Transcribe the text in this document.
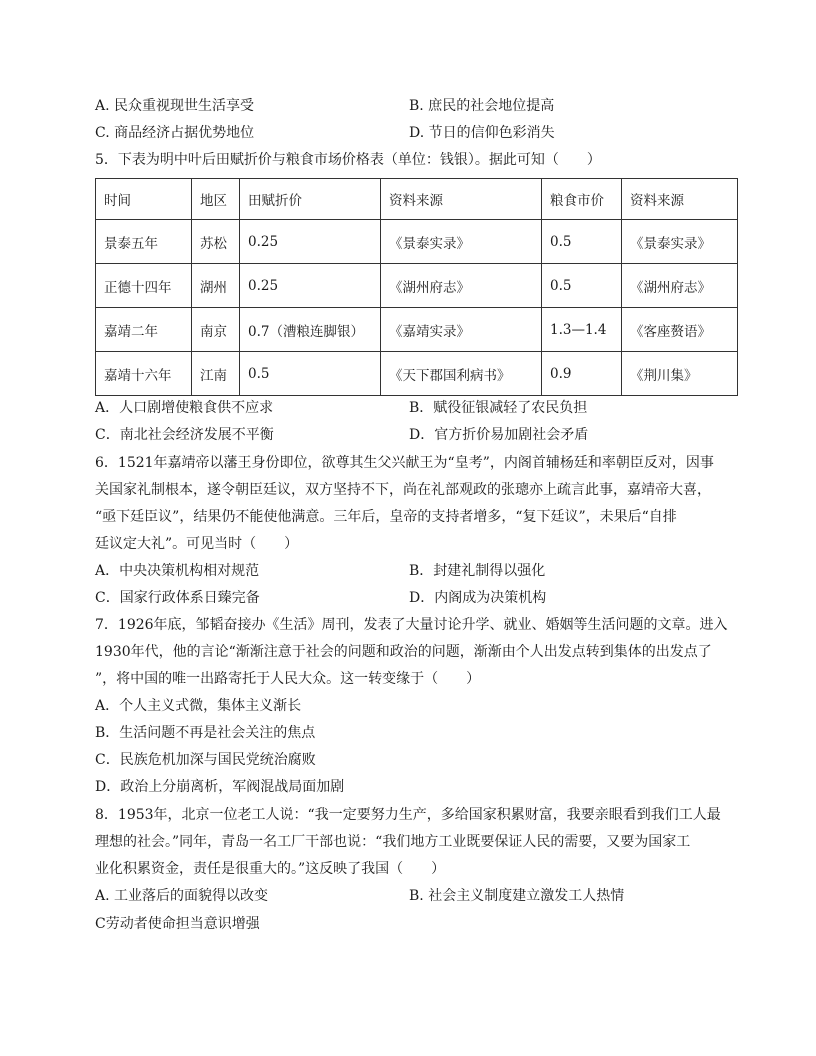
A. 民众重视现世生活享受	B. 庶民的社会地位提高
C. 商品经济占据优势地位	D. 节日的信仰色彩消失
5．下表为明中叶后田赋折价与粮食市场价格表（单位：钱银）。据此可知（　　）
时间	地区	田赋折价	资料来源	粮食市价	资料来源
景泰五年	苏松	0.25	《景泰实录》	0.5	《景泰实录》
正德十四年	湖州	0.25	《湖州府志》	0.5	《湖州府志》
嘉靖二年	南京	0.7（漕粮连脚银）	《嘉靖实录》	1.3—1.4	《客座赘语》
嘉靖十六年	江南	0.5	《天下郡国利病书》	0.9	《荆川集》
A．人口剧增使粮食供不应求	B．赋役征银减轻了农民负担
C．南北社会经济发展不平衡	D．官方折价易加剧社会矛盾
6．1521年嘉靖帝以藩王身份即位，欲尊其生父兴献王为“皇考”，内阁首辅杨廷和率朝臣反对，因事
关国家礼制根本，遂令朝臣廷议，双方坚持不下，尚在礼部观政的张璁亦上疏言此事，嘉靖帝大喜，
“亟下廷臣议”，结果仍不能使他满意。三年后，皇帝的支持者增多，“复下廷议”，未果后“自排
廷议定大礼”。可见当时（　　）
A．中央决策机构相对规范	B．封建礼制得以强化
C．国家行政体系日臻完备	D．内阁成为决策机构
7．1926年底，邹韬奋接办《生活》周刊，发表了大量讨论升学、就业、婚姻等生活问题的文章。进入
1930年代，他的言论“渐渐注意于社会的问题和政治的问题，渐渐由个人出发点转到集体的出发点了
”，将中国的唯一出路寄托于人民大众。这一转变缘于（　　）
A．个人主义式微，集体主义渐长
B．生活问题不再是社会关注的焦点
C．民族危机加深与国民党统治腐败
D．政治上分崩离析，军阀混战局面加剧
8．1953年，北京一位老工人说：“我一定要努力生产，多给国家积累财富，我要亲眼看到我们工人最
理想的社会。”同年，青岛一名工厂干部也说：“我们地方工业既要保证人民的需要，又要为国家工
业化积累资金，责任是很重大的。”这反映了我国（　　）
A. 工业落后的面貌得以改变	B. 社会主义制度建立激发工人热情
C劳动者使命担当意识增强
